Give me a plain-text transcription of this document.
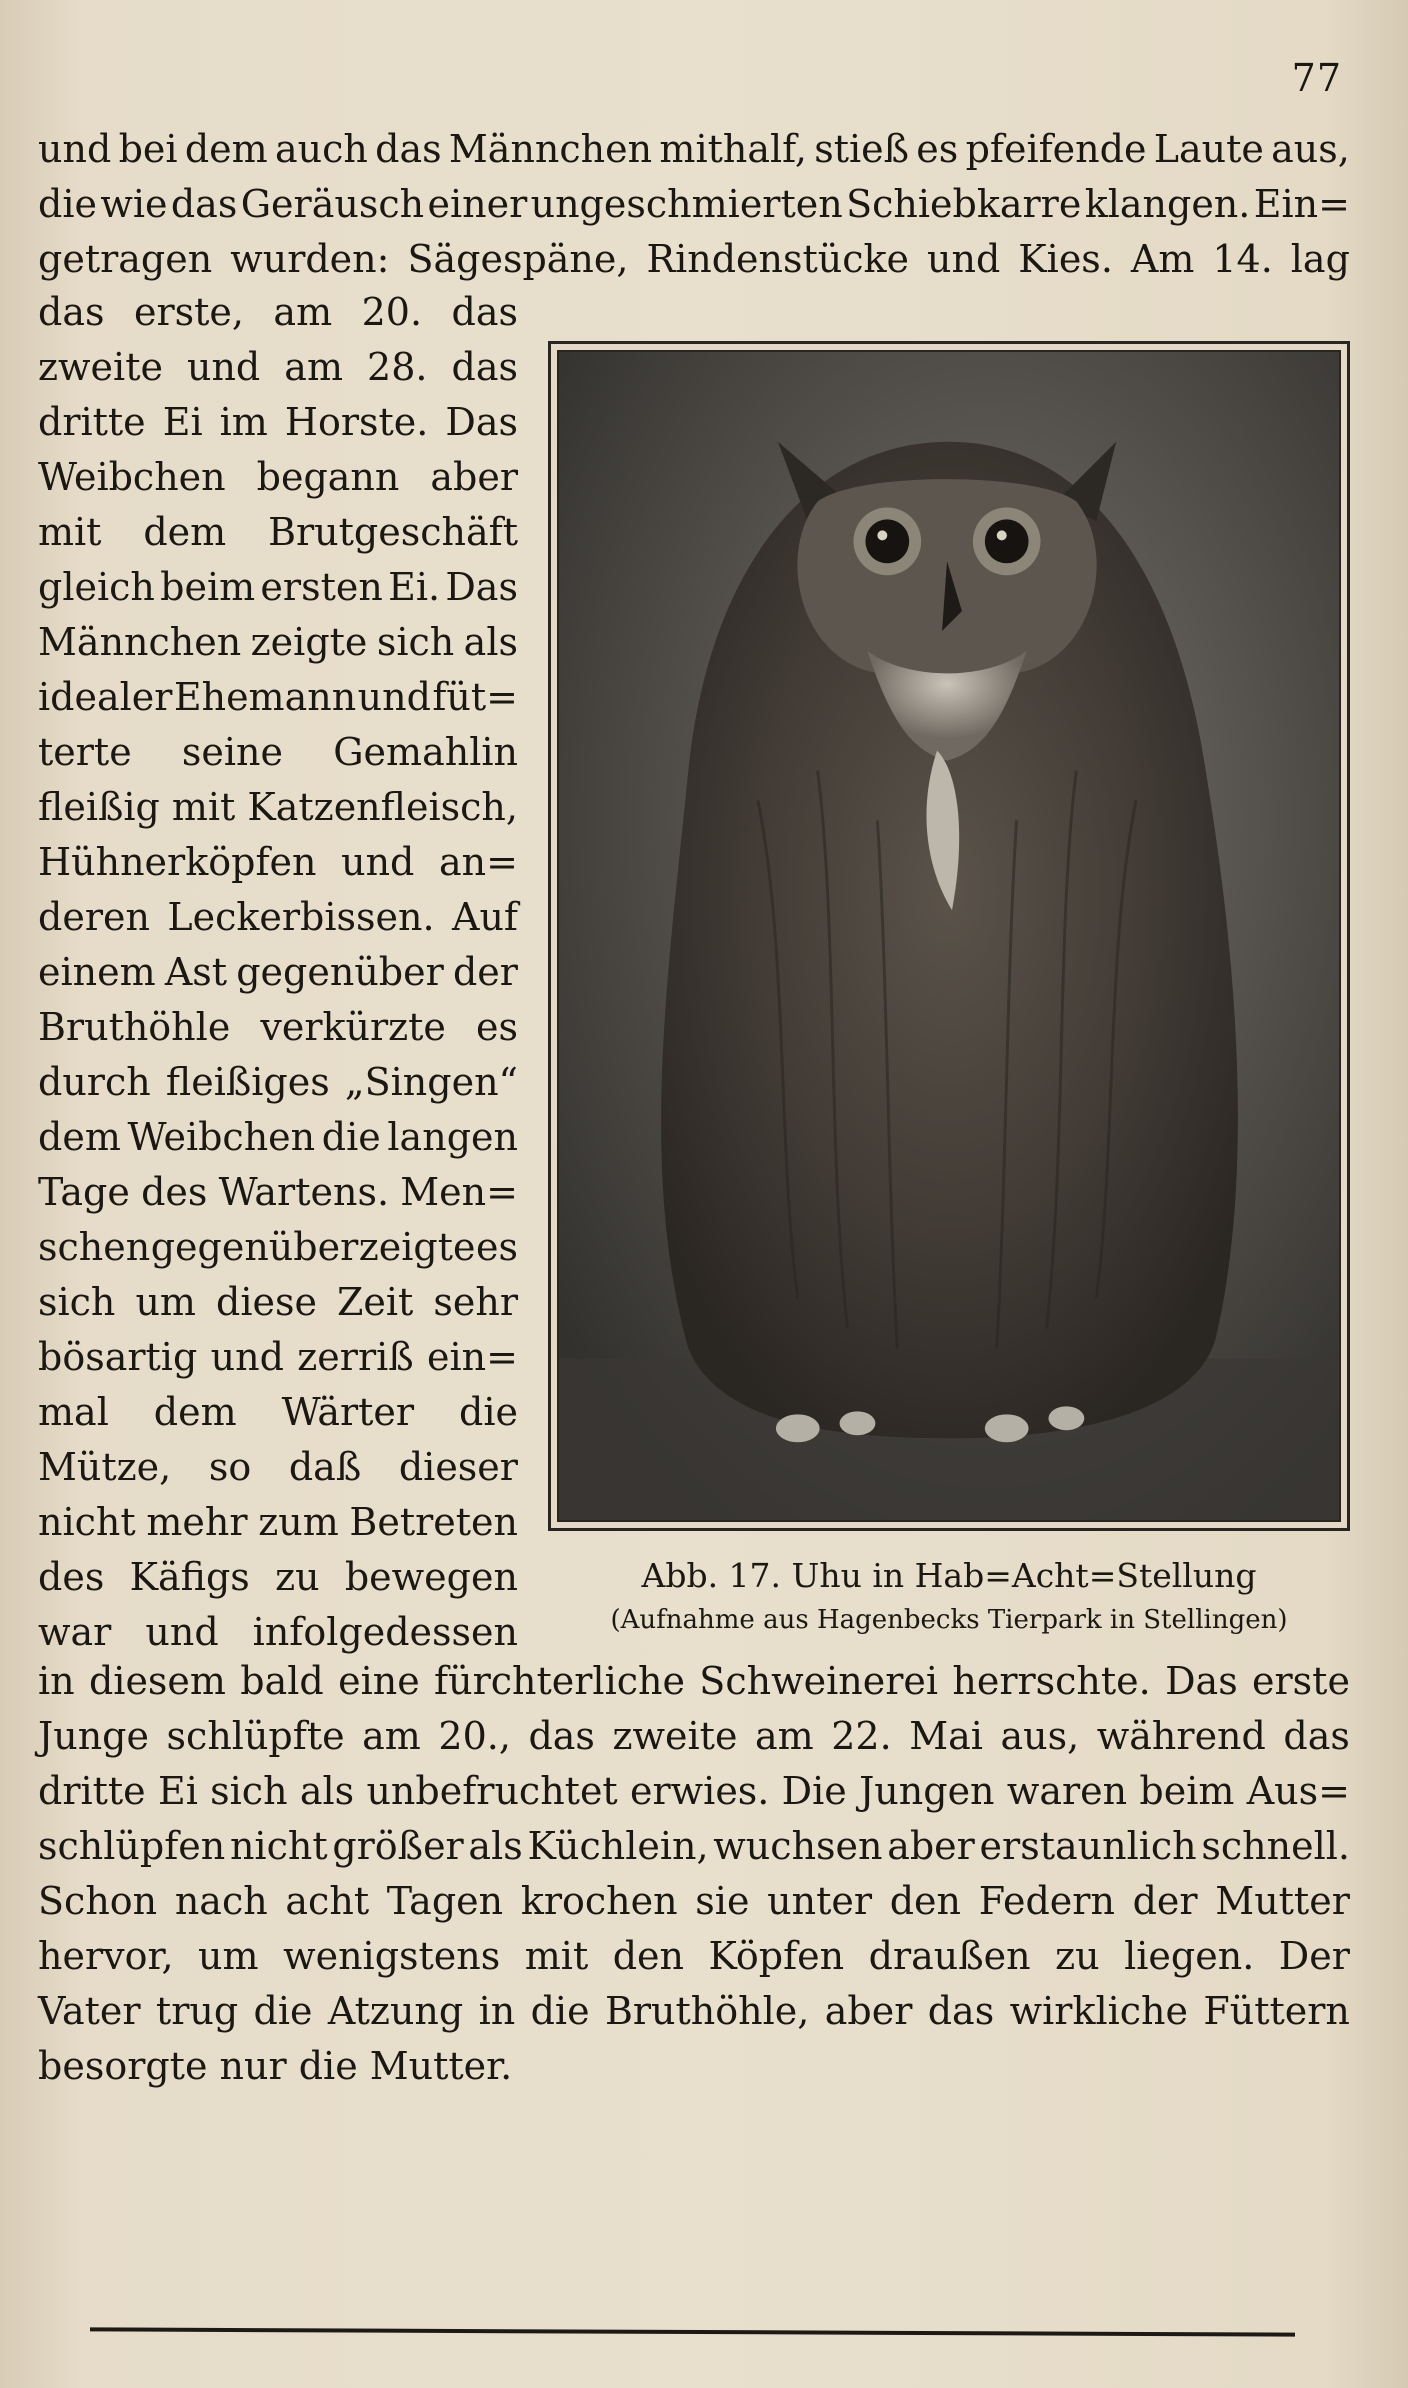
77
und bei dem auch das Männchen mithalf, stieß es pfeifende Laute aus,
die wie das Geräusch einer ungeschmierten Schiebkarre klangen. Ein=
getragen wurden: Sägespäne, Rindenstücke und Kies. Am 14. lag
das erste, am 20. das
zweite und am 28. das
dritte Ei im Horste. Das
Weibchen begann aber
mit dem Brutgeschäft
gleich beim ersten Ei. Das
Männchen zeigte sich als
idealer Ehemann und füt=
terte seine Gemahlin
fleißig mit Katzenfleisch,
Hühnerköpfen und an=
deren Leckerbissen. Auf
einem Ast gegenüber der
Bruthöhle verkürzte es
durch fleißiges „Singen“
dem Weibchen die langen
Tage des Wartens. Men=
schen gegenüber zeigte es
sich um diese Zeit sehr
bösartig und zerriß ein=
mal dem Wärter die
Mütze, so daß dieser
nicht mehr zum Betreten
des Käfigs zu bewegen
war und infolgedessen
in diesem bald eine fürchterliche Schweinerei herrschte. Das erste
Junge schlüpfte am 20., das zweite am 22. Mai aus, während das
dritte Ei sich als unbefruchtet erwies. Die Jungen waren beim Aus=
schlüpfen nicht größer als Küchlein, wuchsen aber erstaunlich schnell.
Schon nach acht Tagen krochen sie unter den Federn der Mutter
hervor, um wenigstens mit den Köpfen draußen zu liegen. Der
Vater trug die Atzung in die Bruthöhle, aber das wirkliche Füttern
besorgte nur die Mutter.
Abb. 17. Uhu in Hab=Acht=Stellung
(Aufnahme aus Hagenbecks Tierpark in Stellingen)
